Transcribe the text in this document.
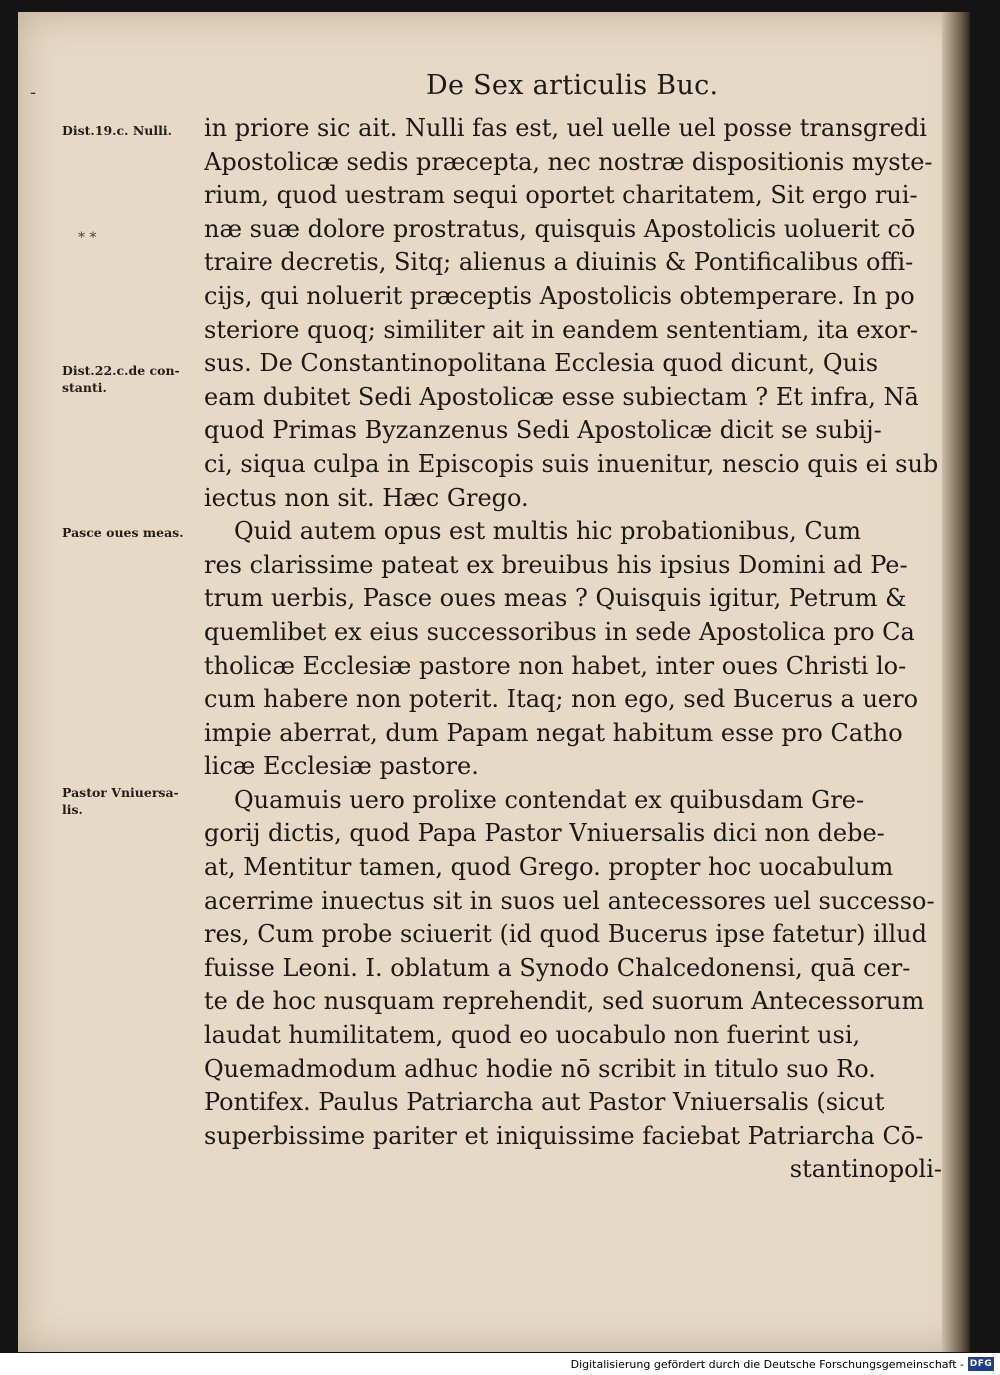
-
* *
De Sex articulis Buc.
Dist.19.c. Nulli.
Dist.22.c.de con-
stanti.
Pasce oues meas.
Pastor Vniuersa-
lis.
in priore sic ait. Nulli fas est, uel uelle uel posse transgredi
Apostolicæ sedis præcepta, nec nostræ dispositionis myste-
rium, quod uestram sequi oportet charitatem, Sit ergo rui-
næ suæ dolore prostratus, quisquis Apostolicis uoluerit cō
traire decretis, Sitq; alienus a diuinis & Pontificalibus offi-
cijs, qui noluerit præceptis Apostolicis obtemperare. In po
steriore quoq; similiter ait in eandem sententiam, ita exor-
sus. De Constantinopolitana Ecclesia quod dicunt, Quis
eam dubitet Sedi Apostolicæ esse subiectam ? Et infra, Nā
quod Primas Byzanzenus Sedi Apostolicæ dicit se subij-
ci, siqua culpa in Episcopis suis inuenitur, nescio quis ei sub
iectus non sit. Hæc Grego.
Quid autem opus est multis hic probationibus, Cum
res clarissime pateat ex breuibus his ipsius Domini ad Pe-
trum uerbis, Pasce oues meas ? Quisquis igitur, Petrum &
quemlibet ex eius successoribus in sede Apostolica pro Ca
tholicæ Ecclesiæ pastore non habet, inter oues Christi lo-
cum habere non poterit. Itaq; non ego, sed Bucerus a uero
impie aberrat, dum Papam negat habitum esse pro Catho
licæ Ecclesiæ pastore.
Quamuis uero prolixe contendat ex quibusdam Gre-
gorij dictis, quod Papa Pastor Vniuersalis dici non debe-
at, Mentitur tamen, quod Grego. propter hoc uocabulum
acerrime inuectus sit in suos uel antecessores uel successo-
res, Cum probe sciuerit (id quod Bucerus ipse fatetur) illud
fuisse Leoni. I. oblatum a Synodo Chalcedonensi, quā cer-
te de hoc nusquam reprehendit, sed suorum Antecessorum
laudat humilitatem, quod eo uocabulo non fuerint usi,
Quemadmodum adhuc hodie nō scribit in titulo suo Ro.
Pontifex. Paulus Patriarcha aut Pastor Vniuersalis (sicut
superbissime pariter et iniquissime faciebat Patriarcha Cō-
stantinopoli-
Digitalisierung gefördert durch die Deutsche Forschungsgemeinschaft - DFG
